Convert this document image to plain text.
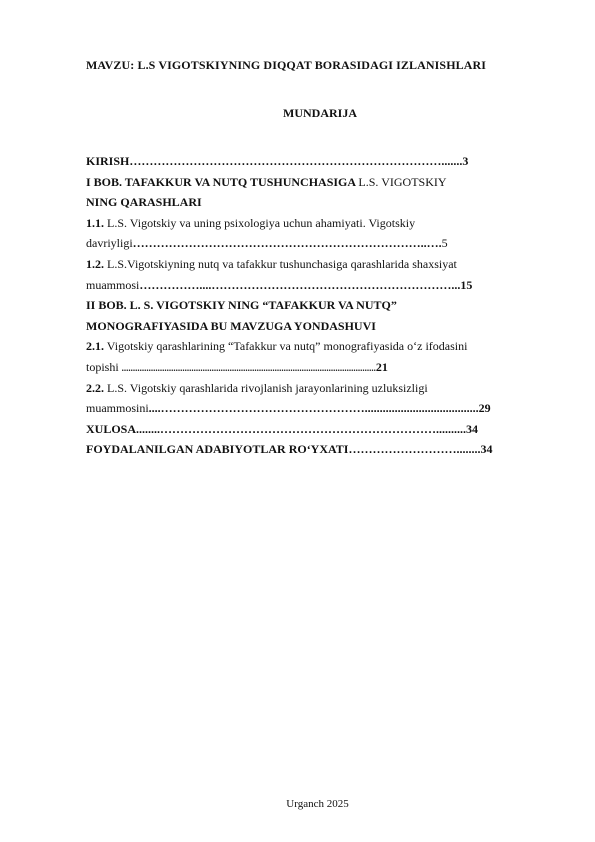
MAVZU: L.S VIGOTSKIYNING DIQQAT BORASIDAGI IZLANISHLARI
MUNDARIJA
KIRISH…………………………………………………………………….......3
I BOB. TAFAKKUR VA NUTQ TUSHUNCHASIGA L.S. VIGOTSKIY
NING QARASHLARI
1.1. L.S. Vigotskiy va uning psixologiya uchun ahamiyati. Vigotskiy
davriyligi………………………………………………………………..….5
1.2. L.S.Vigotskiyning nutq va tafakkur tushunchasiga qarashlarida shaxsiyat
muammosi……………....……………………………………………………...15
II BOB. L. S. VIGOTSKIY NING “TAFAKKUR VA NUTQ”
MONOGRAFIYASIDA BU MAVZUGA YONDASHUVI
2.1. Vigotskiy qarashlarining “Tafakkur va nutq” monografiyasida o‘z ifodasini
topishi .................................................................................................................21
2.2. L.S. Vigotskiy qarashlarida rivojlanish jarayonlarining uzluksizligi
muammosini....……………………………………………......................................29
XULOSA........……………………………………………………………..........34
FOYDALANILGAN ADABIYOTLAR RO‘YXATI………………………........34
Urganch 2025
